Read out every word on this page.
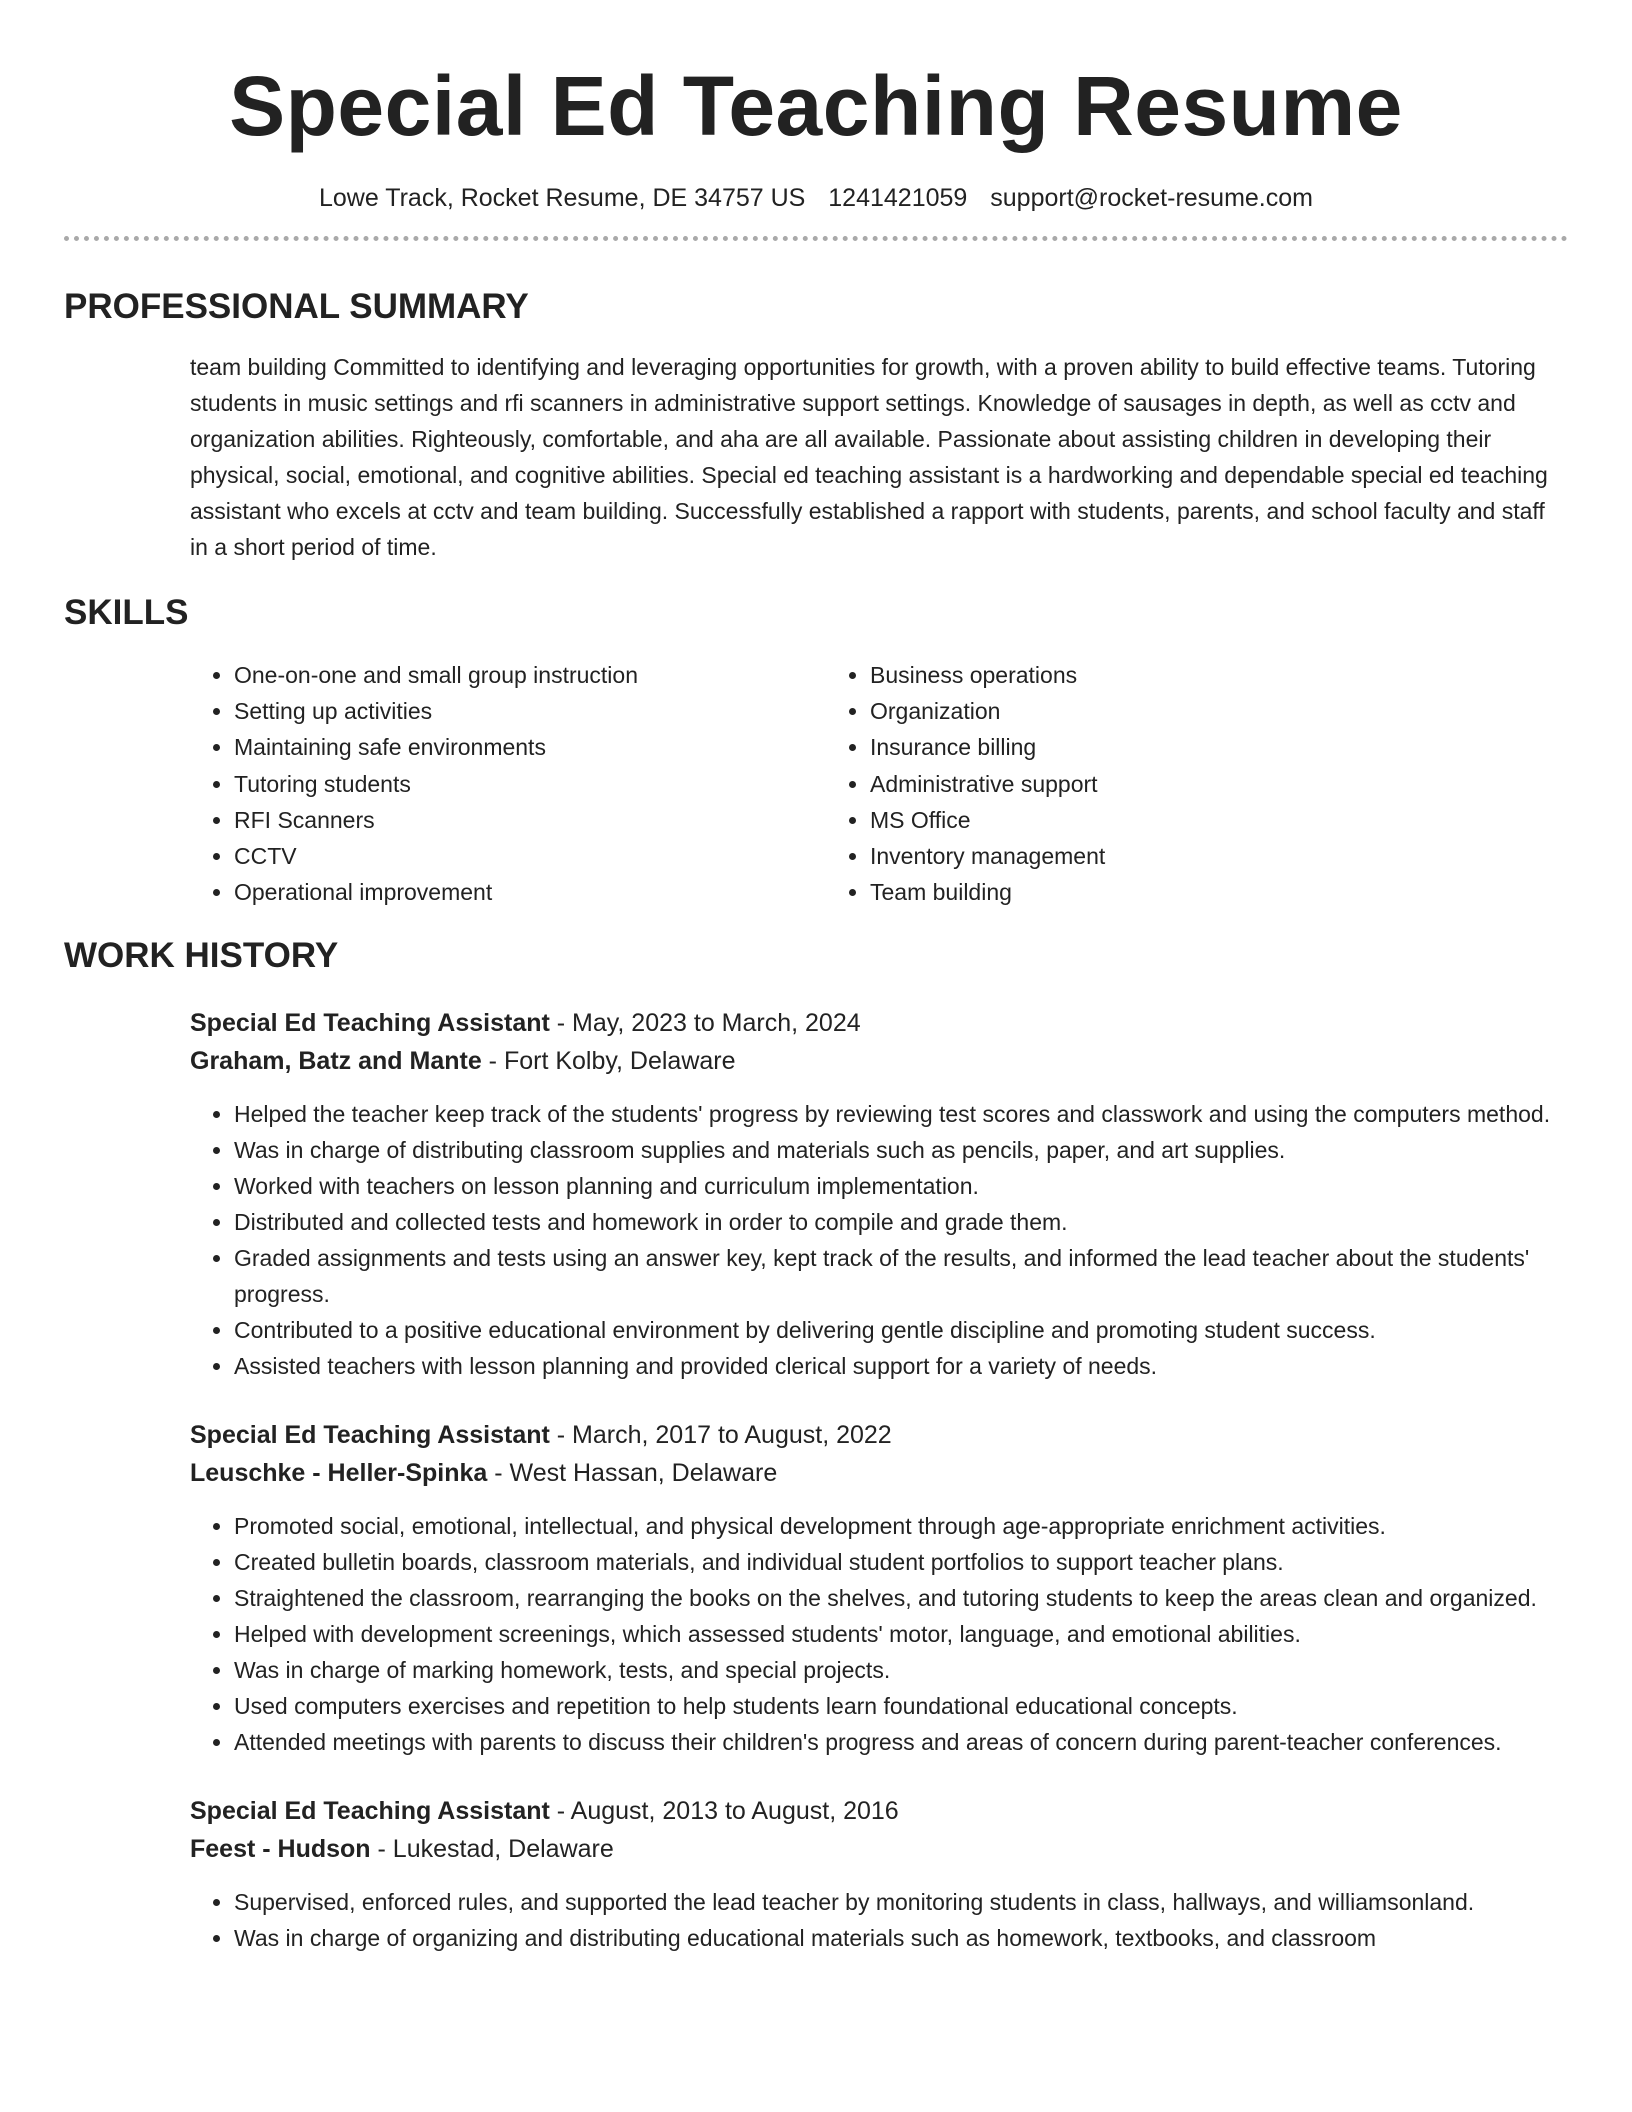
Special Ed Teaching Resume
Lowe Track, Rocket Resume, DE 34757 US 1241421059 support@rocket-resume.com
PROFESSIONAL SUMMARY

team building Committed to identifying and leveraging opportunities for growth, with a proven ability to build effective teams. Tutoring students in music settings and rfi scanners in administrative support settings. Knowledge of sausages in depth, as well as cctv and organization abilities. Righteously, comfortable, and aha are all available. Passionate about assisting children in developing their physical, social, emotional, and cognitive abilities. Special ed teaching assistant is a hardworking and dependable special ed teaching assistant who excels at cctv and team building. Successfully established a rapport with students, parents, and school faculty and staff in a short period of time.

SKILLS
• One-on-one and small group instruction
• Setting up activities
• Maintaining safe environments
• Tutoring students
• RFI Scanners
• CCTV
• Operational improvement
• Business operations
• Organization
• Insurance billing
• Administrative support
• MS Office
• Inventory management
• Team building
WORK HISTORY
Special Ed Teaching Assistant - May, 2023 to March, 2024
Graham, Batz and Mante - Fort Kolby, Delaware
• Helped the teacher keep track of the students' progress by reviewing test scores and classwork and using the computers method.
• Was in charge of distributing classroom supplies and materials such as pencils, paper, and art supplies.
• Worked with teachers on lesson planning and curriculum implementation.
• Distributed and collected tests and homework in order to compile and grade them.
• Graded assignments and tests using an answer key, kept track of the results, and informed the lead teacher about the students' progress.
• Contributed to a positive educational environment by delivering gentle discipline and promoting student success.
• Assisted teachers with lesson planning and provided clerical support for a variety of needs.
Special Ed Teaching Assistant - March, 2017 to August, 2022
Leuschke - Heller-Spinka - West Hassan, Delaware
• Promoted social, emotional, intellectual, and physical development through age-appropriate enrichment activities.
• Created bulletin boards, classroom materials, and individual student portfolios to support teacher plans.
• Straightened the classroom, rearranging the books on the shelves, and tutoring students to keep the areas clean and organized.
• Helped with development screenings, which assessed students' motor, language, and emotional abilities.
• Was in charge of marking homework, tests, and special projects.
• Used computers exercises and repetition to help students learn foundational educational concepts.
• Attended meetings with parents to discuss their children's progress and areas of concern during parent-teacher conferences.
Special Ed Teaching Assistant - August, 2013 to August, 2016
Feest - Hudson - Lukestad, Delaware
• Supervised, enforced rules, and supported the lead teacher by monitoring students in class, hallways, and williamsonland.
• Was in charge of organizing and distributing educational materials such as homework, textbooks, and classroom
